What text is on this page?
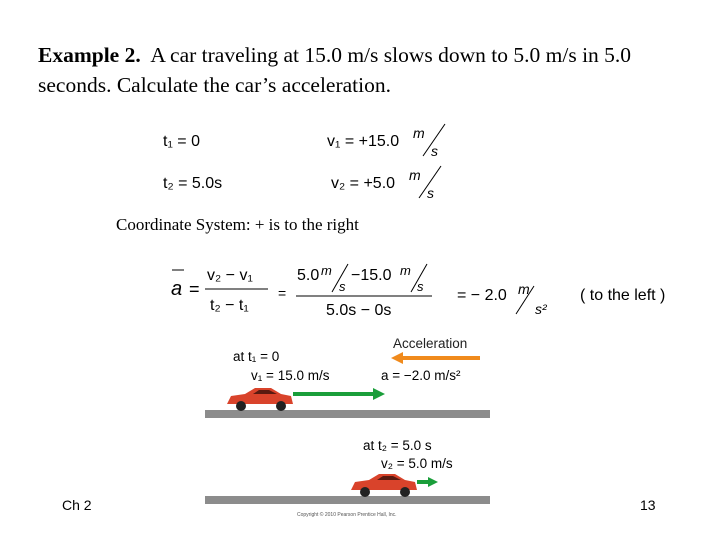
Example 2. A car traveling at 15.0 m/s slows down to 5.0 m/s in 5.0 seconds. Calculate the car’s acceleration.
t₁ = 0
t₂ = 5.0s
v₁ = +15.0 m
s
v₂ = +5.0 m
s
Coordinate System: + is to the right
a =
v₂ − v₁
t₂ − t₁
=
5.0 m
s
−15.0 m
s
5.0s − 0s
= − 2.0 m
s²
( to the left )
Acceleration
at t₁ = 0
v₁ = 15.0 m/s	a = −2.0 m/s²
at t₂ = 5.0 s
v₂ = 5.0 m/s
Copyright © 2010 Pearson Prentice Hall, Inc.
Ch 2	13
